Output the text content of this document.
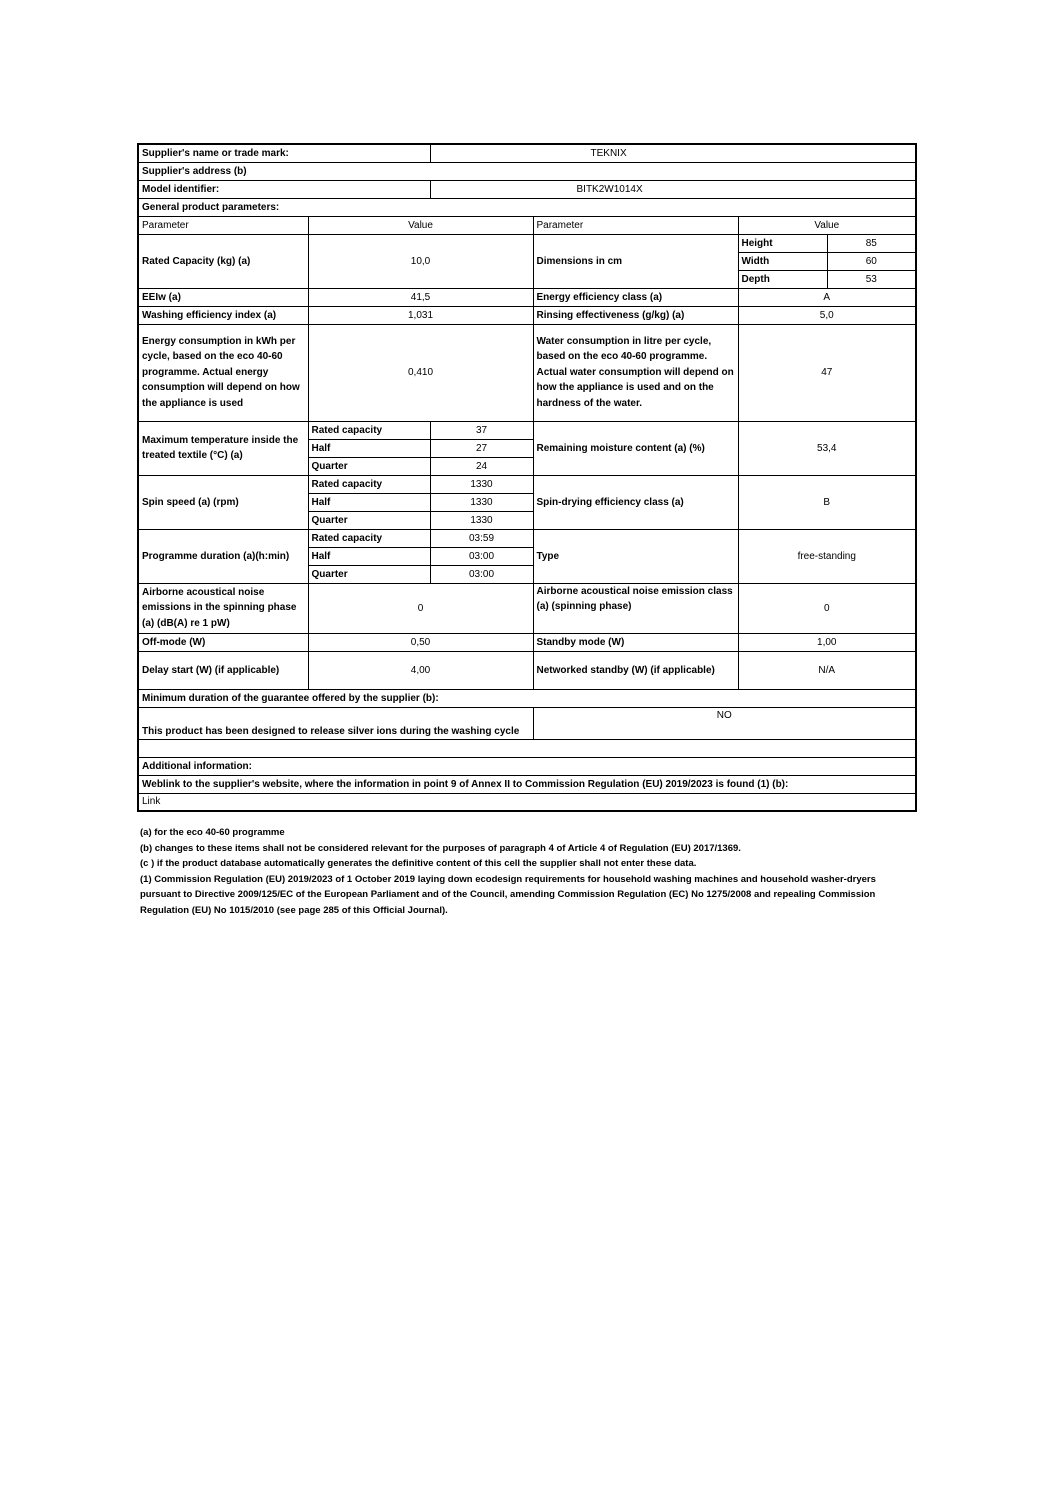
Supplier's name or trade mark:		TEKNIX			
Supplier's address (b)					
Model identifier:		BITK2W1014X			
General product parameters:					
Parameter	Value		Parameter	Value	
Rated Capacity (kg) (a)	10,0		Dimensions in cm	Height	85
				Width	60
				Depth	53
EEIw (a)	41,5		Energy efficiency class (a)	A	
Washing efficiency index (a)	1,031		Rinsing effectiveness (g/kg) (a)	5,0	
Energy consumption in kWh per cycle, based on the eco 40-60 programme. Actual energy consumption will depend on how the appliance is used	0,410		Water consumption in litre per cycle, based on the eco 40-60 programme. Actual water consumption will depend on how the appliance is used and on the hardness of the water.	47	
Maximum temperature inside the treated textile (°C) (a)	Rated capacity	37	Remaining moisture content (a) (%)	53,4	
	Half	27			
	Quarter	24			
Spin speed (a) (rpm)	Rated capacity	1330	Spin-drying efficiency class (a)	B	
	Half	1330			
	Quarter	1330			
Programme duration (a)(h:min)	Rated capacity	03:59	Type	free-standing	
	Half	03:00			
	Quarter	03:00			
Airborne acoustical noise emissions in the spinning phase (a) (dB(A) re 1 pW)	0		Airborne acoustical noise emission class (a) (spinning phase)	0	
Off-mode (W)	0,50		Standby mode (W)	1,00	
Delay start (W) (if applicable)	4,00		Networked standby (W) (if applicable)	N/A	
Minimum duration of the guarantee offered by the supplier (b):					
This product has been designed to release silver ions during the washing cycle			NO		

Additional information:					
Weblink to the supplier's website, where the information in point 9 of Annex II to Commission Regulation (EU) 2019/2023 is found (1) (b):					
Link					
(a) for the eco 40-60 programme
(b) changes to these items shall not be considered relevant for the purposes of paragraph 4 of Article 4 of Regulation (EU) 2017/1369.
(c ) if the product database automatically generates the definitive content of this cell the supplier shall not enter these data.
(1) Commission Regulation (EU) 2019/2023 of 1 October 2019 laying down ecodesign requirements for household washing machines and household washer-dryers pursuant to Directive 2009/125/EC of the European Parliament and of the Council, amending Commission Regulation (EC) No 1275/2008 and repealing Commission Regulation (EU) No 1015/2010 (see page 285 of this Official Journal).
